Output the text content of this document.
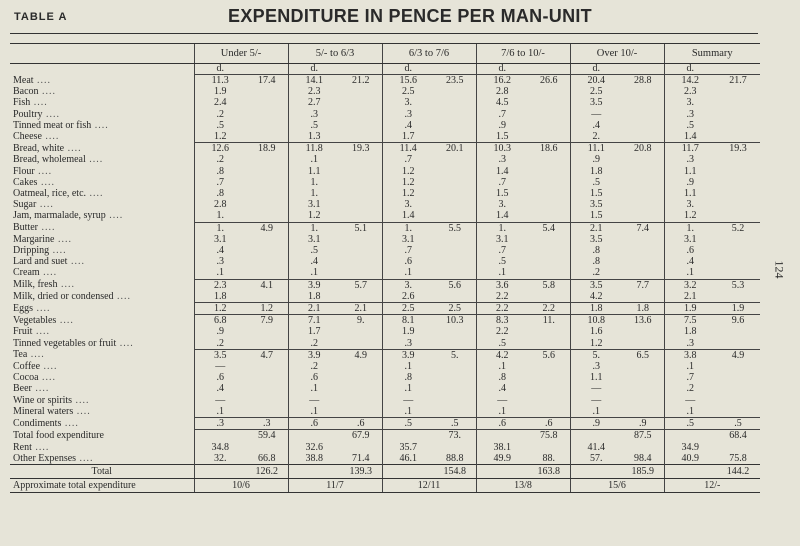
TABLE A	EXPENDITURE IN PENCE PER MAN-UNIT
124
	Under 5/-		5/- to 6/3		6/3 to 7/6		7/6 to 10/-		Over 10/-		Summary	
	d.		d.		d.		d.		d.		d.	
Meat ....	11.3	17.4	14.1	21.2	15.6	23.5	16.2	26.6	20.4	28.8	14.2	21.7
Bacon ....	1.9		2.3		2.5		2.8		2.5		2.3	
Fish ....	2.4		2.7		3.		4.5		3.5		3.	
Poultry ....	.2		.3		.3		.7		—		.3	
Tinned meat or fish ....	.5		.5		.4		.9		.4		.5	
Cheese ....	1.2		1.3		1.7		1.5		2.		1.4	
Bread, white ....	12.6	18.9	11.8	19.3	11.4	20.1	10.3	18.6	11.1	20.8	11.7	19.3
Bread, wholemeal ....	.2		.1		.7		.3		.9		.3	
Flour ....	.8		1.1		1.2		1.4		1.8		1.1	
Cakes ....	.7		1.		1.2		.7		.5		.9	
Oatmeal, rice, etc. ....	.8		1.		1.2		1.5		1.5		1.1	
Sugar ....	2.8		3.1		3.		3.		3.5		3.	
Jam, marmalade, syrup ....	1.		1.2		1.4		1.4		1.5		1.2	
Butter ....	1.	4.9	1.	5.1	1.	5.5	1.	5.4	2.1	7.4	1.	5.2
Margarine ....	3.1		3.1		3.1		3.1		3.5		3.1	
Dripping ....	.4		.5		.7		.7		.8		.6	
Lard and suet ....	.3		.4		.6		.5		.8		.4	
Cream ....	.1		.1		.1		.1		.2		.1	
Milk, fresh ....	2.3	4.1	3.9	5.7	3.	5.6	3.6	5.8	3.5	7.7	3.2	5.3
Milk, dried or condensed ....	1.8		1.8		2.6		2.2		4.2		2.1	
Eggs ....	1.2	1.2	2.1	2.1	2.5	2.5	2.2	2.2	1.8	1.8	1.9	1.9
Vegetables ....	6.8	7.9	7.1	9.	8.1	10.3	8.3	11.	10.8	13.6	7.5	9.6
Fruit ....	.9		1.7		1.9		2.2		1.6		1.8	
Tinned vegetables or fruit ....	.2		.2		.3		.5		1.2		.3	
Tea ....	3.5	4.7	3.9	4.9	3.9	5.	4.2	5.6	5.	6.5	3.8	4.9
Coffee ....	—		.2		.1		.1		.3		.1	
Cocoa ....	.6		.6		.8		.8		1.1		.7	
Beer ....	.4		.1		.1		.4		—		.2	
Wine or spirits ....	—		—		—		—		—		—	
Mineral waters ....	.1		.1		.1		.1		.1		.1	
Condiments ....	.3	.3	.6	.6	.5	.5	.6	.6	.9	.9	.5	.5
Total food expenditure		59.4		67.9		73.		75.8		87.5		68.4
Rent ....	34.8		32.6		35.7		38.1		41.4		34.9	
Other Expenses ....	32.	66.8	38.8	71.4	46.1	88.8	49.9	88.	57.	98.4	40.9	75.8
Total		126.2		139.3		154.8		163.8		185.9		144.2
Approximate total expenditure	10/6		11/7		12/11		13/8		15/6		12/-	
